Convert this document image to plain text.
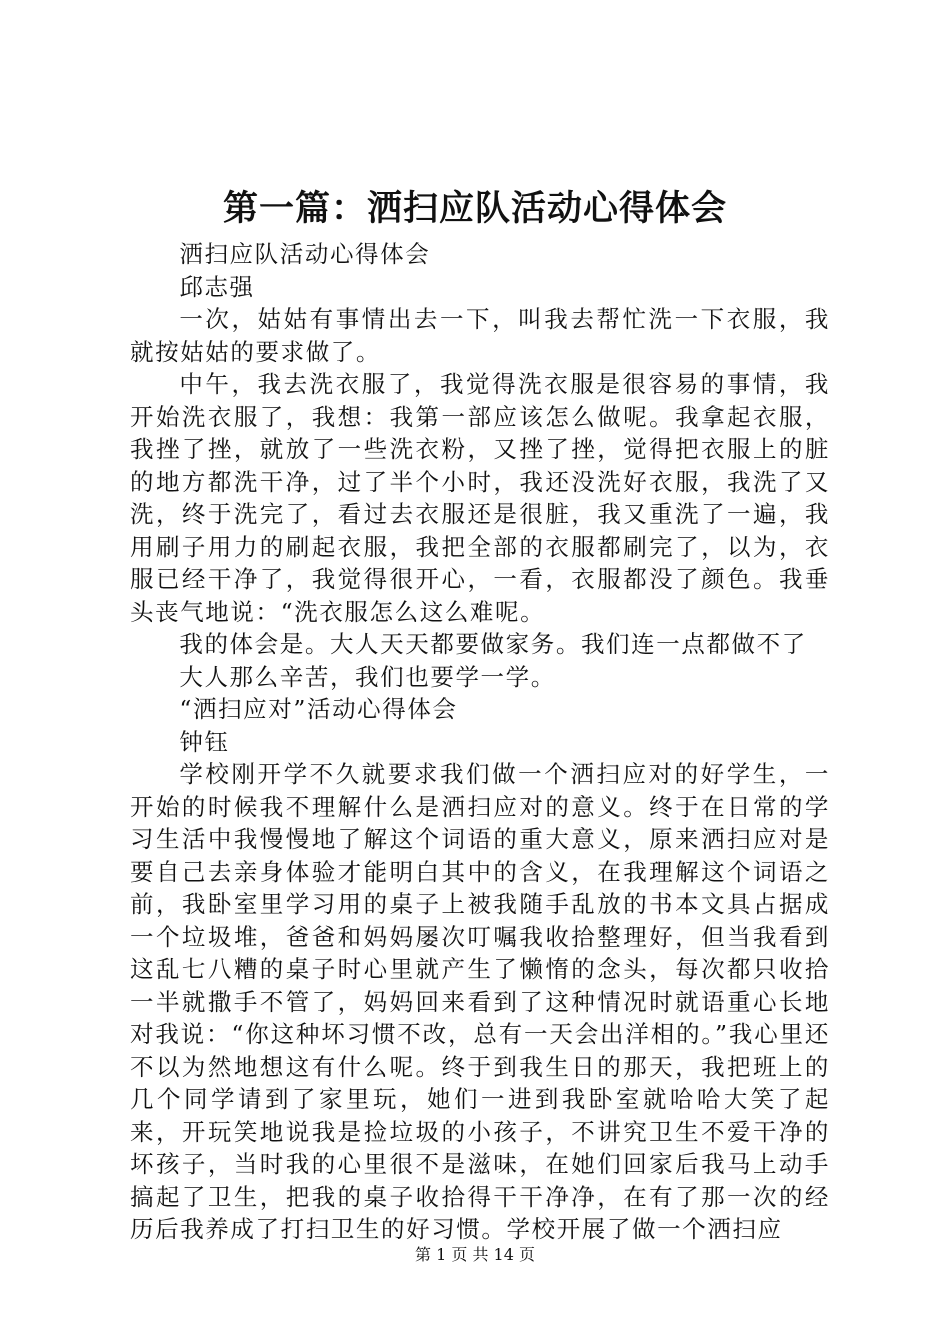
第一篇：洒扫应队活动心得体会

洒扫应队活动心得体会

邱志强

一次，姑姑有事情出去一下，叫我去帮忙洗一下衣服，我就按姑姑的要求做了。

中午，我去洗衣服了，我觉得洗衣服是很容易的事情，我开始洗衣服了，我想：我第一部应该怎么做呢。我拿起衣服，我挫了挫，就放了一些洗衣粉，又挫了挫，觉得把衣服上的脏的地方都洗干净，过了半个小时，我还没洗好衣服，我洗了又洗，终于洗完了，看过去衣服还是很脏，我又重洗了一遍，我用刷子用力的刷起衣服，我把全部的衣服都刷完了，以为，衣服已经干净了，我觉得很开心，一看，衣服都没了颜色。我垂头丧气地说：“洗衣服怎么这么难呢。

我的体会是。大人天天都要做家务。我们连一点都做不了

大人那么辛苦，我们也要学一学。

“洒扫应对”活动心得体会

钟钰

学校刚开学不久就要求我们做一个洒扫应对的好学生，一开始的时候我不理解什么是洒扫应对的意义。终于在日常的学习生活中我慢慢地了解这个词语的重大意义，原来洒扫应对是要自己去亲身体验才能明白其中的含义，在我理解这个词语之前，我卧室里学习用的桌子上被我随手乱放的书本文具占据成一个垃圾堆，爸爸和妈妈屡次叮嘱我收拾整理好，但当我看到这乱七八糟的桌子时心里就产生了懒惰的念头，每次都只收拾一半就撒手不管了，妈妈回来看到了这种情况时就语重心长地对我说：“你这种坏习惯不改，总有一天会出洋相的。”我心里还不以为然地想这有什么呢。终于到我生日的那天，我把班上的几个同学请到了家里玩，她们一进到我卧室就哈哈大笑了起来，开玩笑地说我是捡垃圾的小孩子，不讲究卫生不爱干净的坏孩子，当时我的心里很不是滋味，在她们回家后我马上动手搞起了卫生，把我的桌子收拾得干干净净，在有了那一次的经历后我养成了打扫卫生的好习惯。学校开展了做一个洒扫应

第 1 页 共 14 页
